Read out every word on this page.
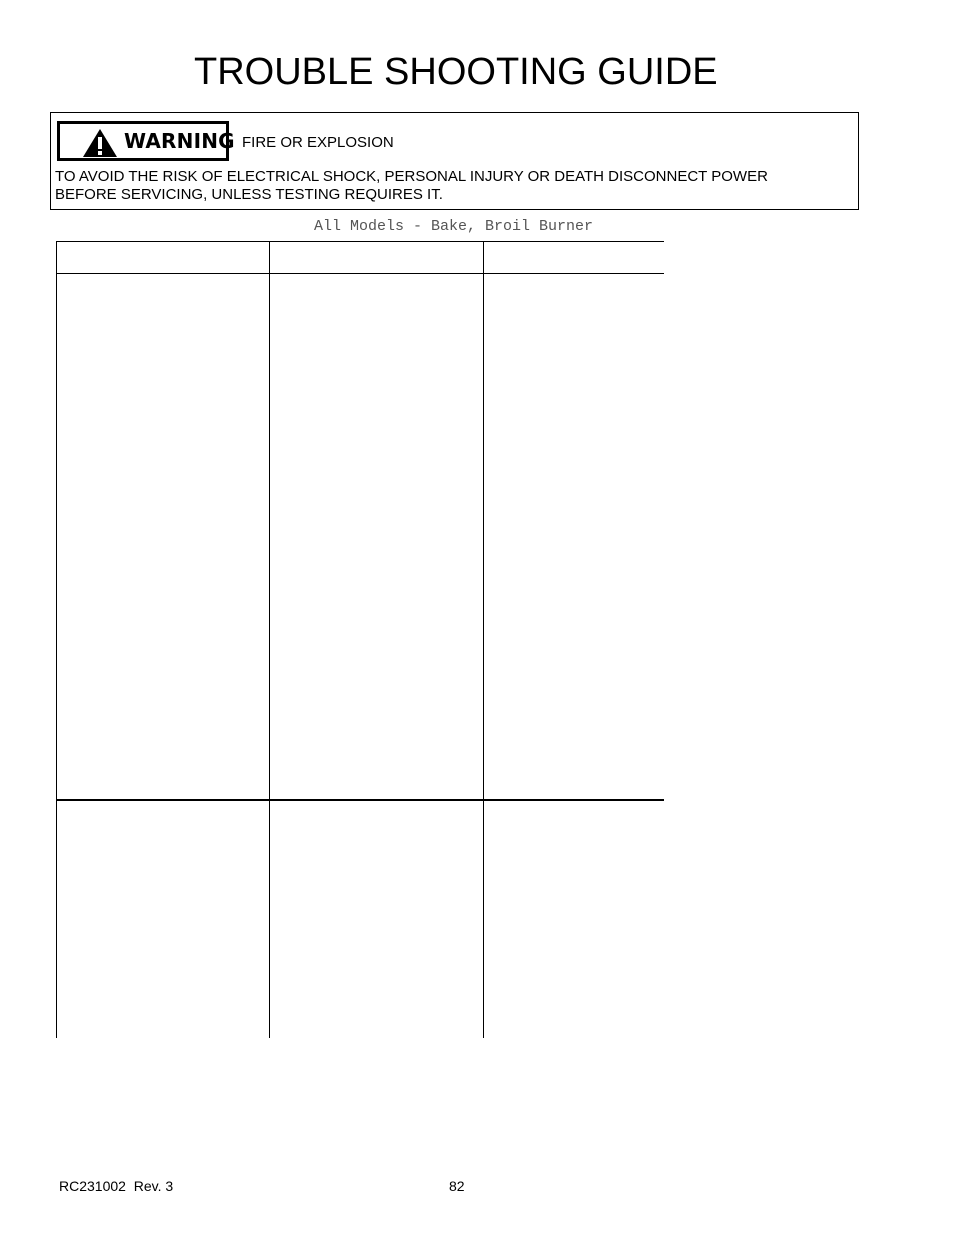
TROUBLE SHOOTING GUIDE
WARNING FIRE OR EXPLOSION
TO AVOID THE RISK OF ELECTRICAL SHOCK, PERSONAL INJURY OR DEATH DISCONNECT POWER
BEFORE SERVICING, UNLESS TESTING REQUIRES IT.
All Models - Bake, Broil Burner
RC231002  Rev. 3	82
